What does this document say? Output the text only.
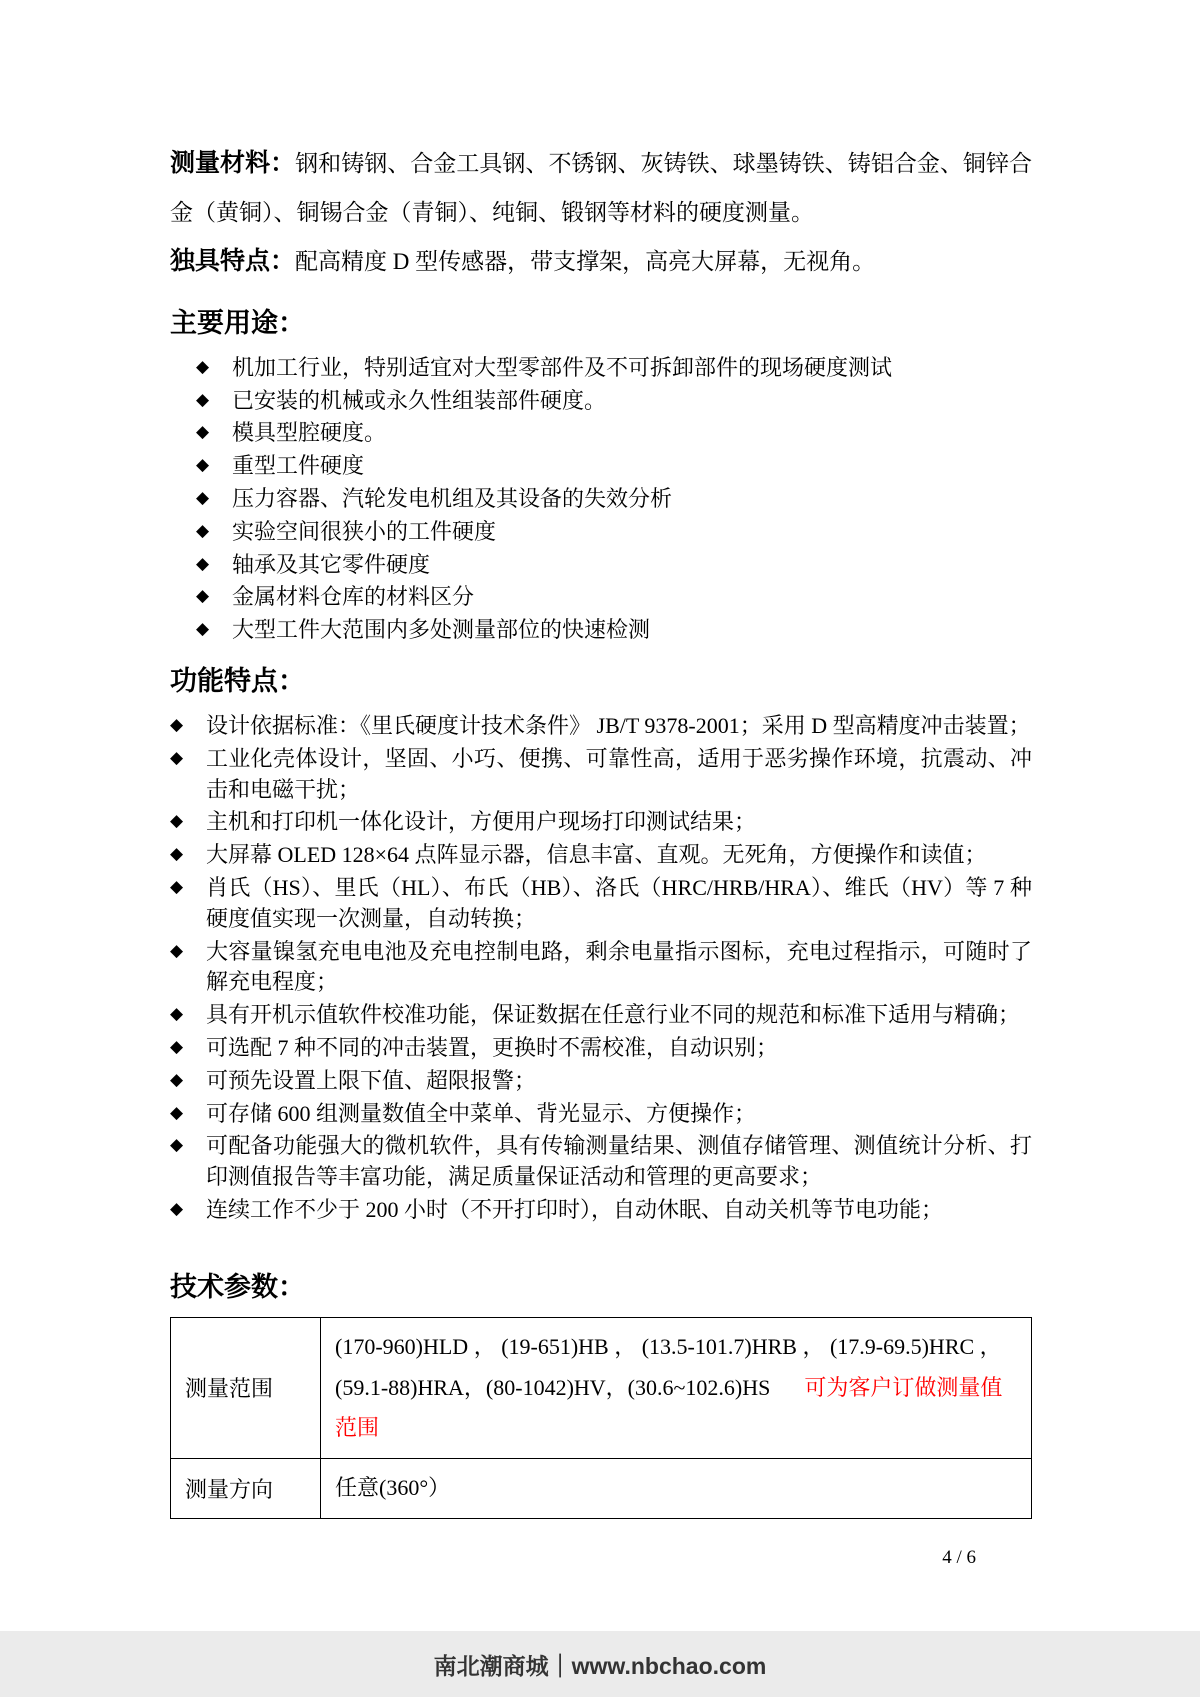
测量材料：钢和铸钢、合金工具钢、不锈钢、灰铸铁、球墨铸铁、铸铝合金、铜锌合金（黄铜）、铜锡合金（青铜）、纯铜、锻钢等材料的硬度测量。

独具特点：配高精度 D 型传感器，带支撑架，高亮大屏幕，无视角。

主要用途：
◆	机加工行业，特别适宜对大型零部件及不可拆卸部件的现场硬度测试
◆	已安装的机械或永久性组装部件硬度。
◆	模具型腔硬度。
◆	重型工件硬度
◆	压力容器、汽轮发电机组及其设备的失效分析
◆	实验空间很狭小的工件硬度
◆	轴承及其它零件硬度
◆	金属材料仓库的材料区分
◆	大型工件大范围内多处测量部位的快速检测
功能特点：
◆	设计依据标准：《里氏硬度计技术条件》 JB/T 9378-2001；采用 D 型高精度冲击装置；
◆	工业化壳体设计，坚固、小巧、便携、可靠性高，适用于恶劣操作环境，抗震动、冲击和电磁干扰；
◆	主机和打印机一体化设计，方便用户现场打印测试结果；
◆	大屏幕 OLED 128×64 点阵显示器，信息丰富、直观。无死角，方便操作和读值；
◆	肖氏（HS）、里氏（HL）、布氏（HB）、洛氏（HRC/HRB/HRA）、维氏（HV）等 7 种硬度值实现一次测量，自动转换；
◆	大容量镍氢充电电池及充电控制电路，剩余电量指示图标，充电过程指示，可随时了解充电程度；
◆	具有开机示值软件校准功能，保证数据在任意行业不同的规范和标准下适用与精确；
◆	可选配 7 种不同的冲击装置，更换时不需校准，自动识别；
◆	可预先设置上限下值、超限报警；
◆	可存储 600 组测量数值全中菜单、背光显示、方便操作；
◆	可配备功能强大的微机软件，具有传输测量结果、测值存储管理、测值统计分析、打印测值报告等丰富功能，满足质量保证活动和管理的更高要求；
◆	连续工作不少于 200 小时（不开打印时），自动休眠、自动关机等节电功能；
技术参数：
测量范围	(170-960)HLD ， (19-651)HB ， (13.5-101.7)HRB ， (17.9-69.5)HRC ， (59.1-88)HRA，(80-1042)HV，(30.6~102.6)HS 可为客户订做测量值范围
测量方向	任意(360°）
4 / 6
南北潮商城｜www.nbchao.com
